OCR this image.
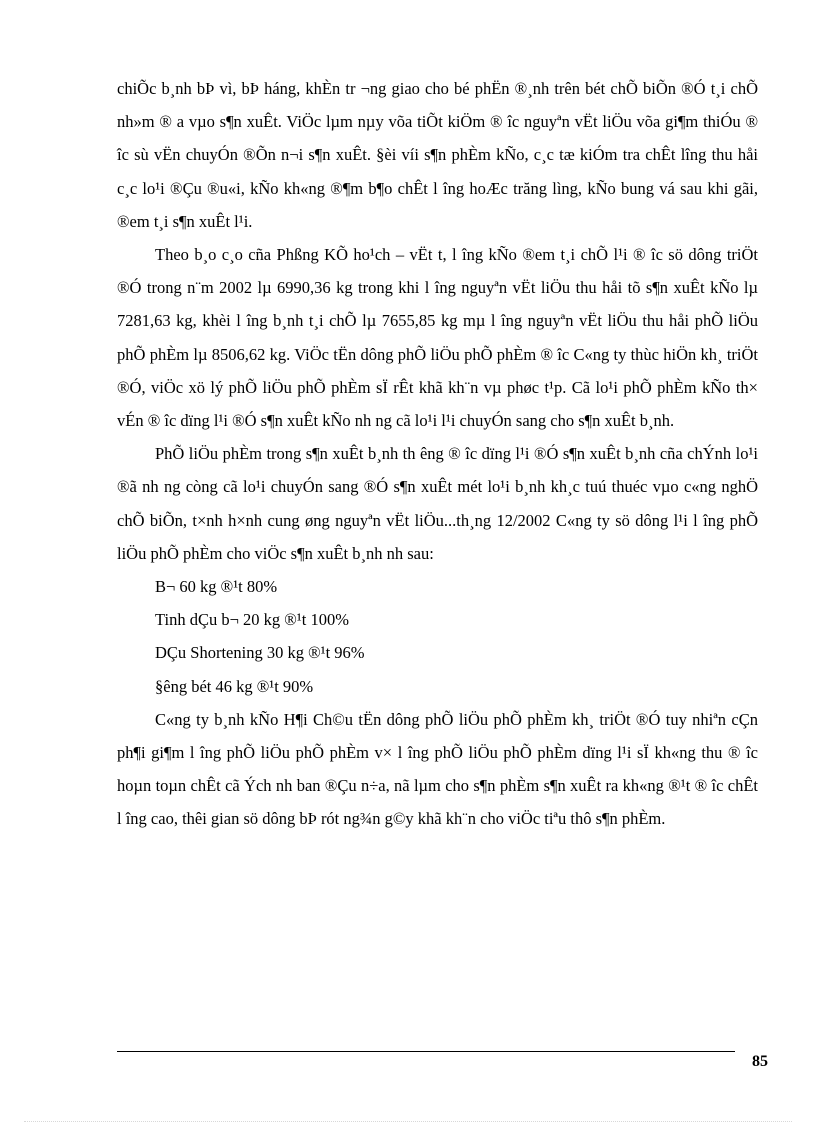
chiÕc b¸nh bÞ vì, bÞ háng, khÈn tr ¬ng giao cho bé phËn ®¸nh trên bét chÕ biÕn ®Ó t¸i chÕ nh»m ® a vµo s¶n xuÊt. ViÖc lµm nµy võa tiÕt kiÖm ® îc nguyªn vËt liÖu võa gi¶m thiÓu ® îc sù vËn chuyÓn ®Õn n¬i s¶n xuÊt. §èi víi s¶n phÈm kÑo, c¸c tæ kiÓm tra chÊt lîng thu håi c¸c lo¹i ®Çu ®u«i, kÑo kh«ng ®¶m b¶o chÊt l îng hoÆc trăng lìng, kÑo bung vá sau khi gãi, ®em t¸i s¶n xuÊt l¹i.

Theo b¸o c¸o cña Phßng KÕ ho¹ch – vËt t, l îng kÑo ®em t¸i chÕ l¹i ® îc sö dông triÖt ®Ó trong n¨m 2002 lµ 6990,36 kg trong khi l îng nguyªn vËt liÖu thu håi tõ s¶n xuÊt kÑo lµ 7281,63 kg, khèi l îng b¸nh t¸i chÕ lµ 7655,85 kg mµ l îng nguyªn vËt liÖu thu håi phÕ liÖu phÕ phÈm lµ 8506,62 kg. ViÖc tËn dông phÕ liÖu phÕ phÈm ® îc C«ng ty thùc hiÖn kh¸ triÖt ®Ó, viÖc xö lý phÕ liÖu phÕ phÈm sÏ rÊt khã kh¨n vµ phøc t¹p. Cã lo¹i phÕ phÈm kÑo th× vÉn ® îc dïng l¹i ®Ó s¶n xuÊt kÑo nh ng cã lo¹i l¹i chuyÓn sang cho s¶n xuÊt b¸nh.

PhÕ liÖu phÈm trong s¶n xuÊt b¸nh th êng ® îc dïng l¹i ®Ó s¶n xuÊt b¸nh cña chÝnh lo¹i ®ã nh ng còng cã lo¹i chuyÓn sang ®Ó s¶n xuÊt mét lo¹i b¸nh kh¸c tuú thuéc vµo c«ng nghÖ chÕ biÕn, t×nh h×nh cung øng nguyªn vËt liÖu...th¸ng 12/2002 C«ng ty sö dông l¹i l îng phÕ liÖu phÕ phÈm cho viÖc s¶n xuÊt b¸nh nh sau:

B¬ 60 kg ®¹t 80%

Tinh dÇu b¬ 20 kg ®¹t 100%

DÇu Shortening 30 kg ®¹t 96%

§êng bét 46 kg ®¹t 90%

C«ng ty b¸nh kÑo H¶i Ch©u tËn dông phÕ liÖu phÕ phÈm kh¸ triÖt ®Ó tuy nhiªn cÇn ph¶i gi¶m l îng phÕ liÖu phÕ phÈm v× l îng phÕ liÖu phÕ phÈm dïng l¹i sÏ kh«ng thu ® îc hoµn toµn chÊt cã Ých nh ban ®Çu n÷a, nã lµm cho s¶n phÈm s¶n xuÊt ra kh«ng ®¹t ® îc chÊt l îng cao, thêi gian sö dông bÞ rót ng¾n g©y khã kh¨n cho viÖc tiªu thô s¶n phÈm.

85
